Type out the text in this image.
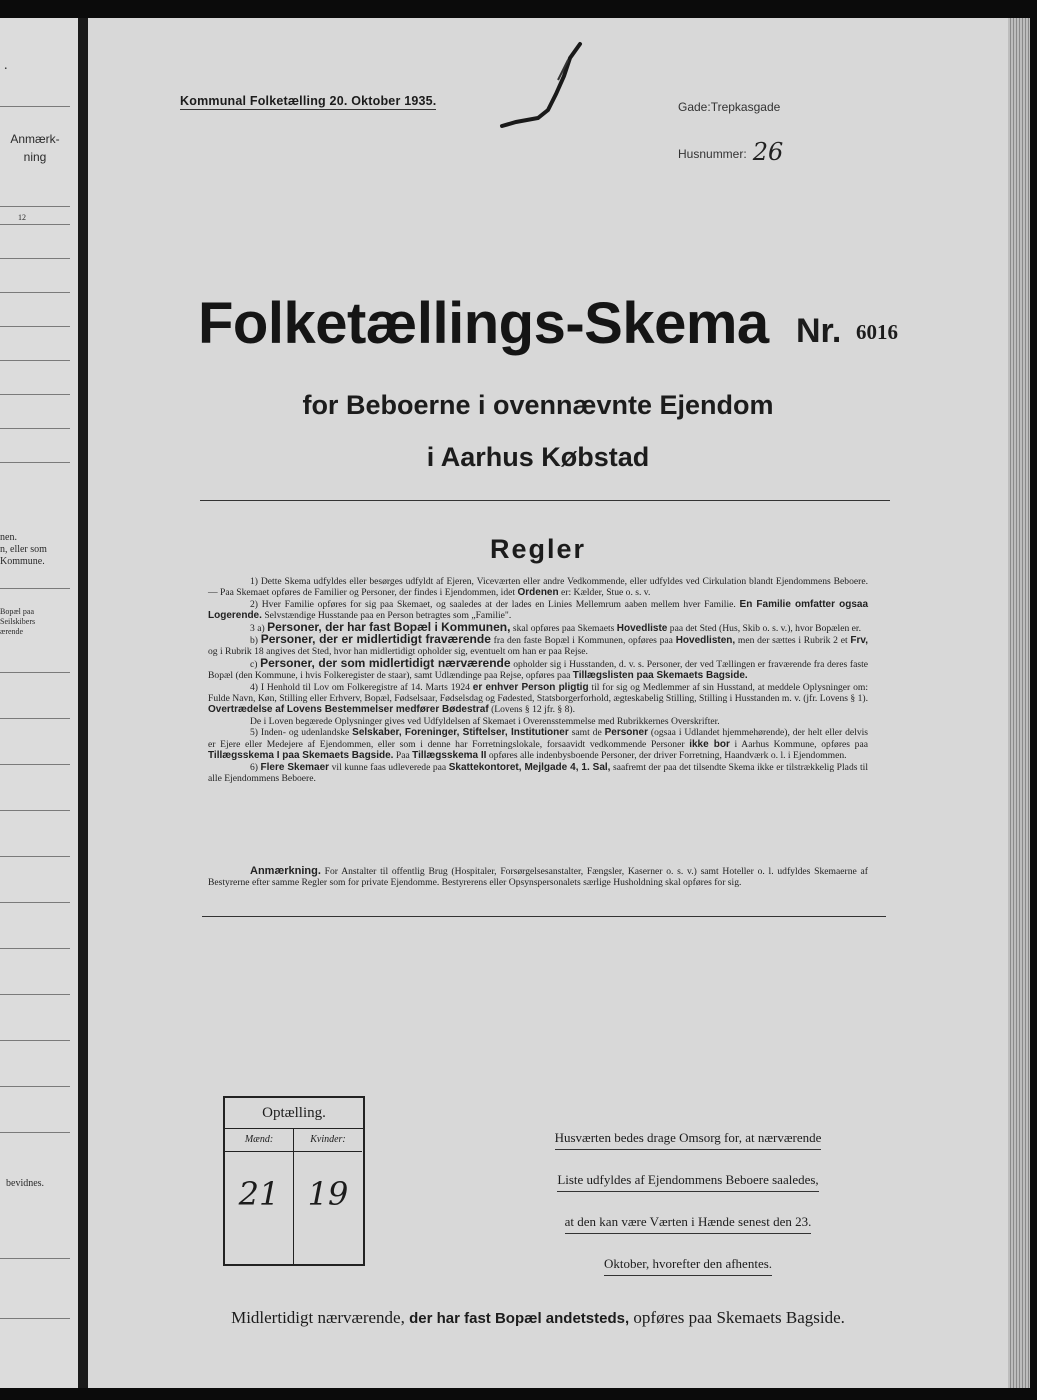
.
Anmærk-
ning
12
nen.
n, eller som
Kommune.
Bopæl paa
Seilskibers
ærende
bevidnes.
Kommunal Folketælling 20. Oktober 1935.	Gade:Trepkasgade
Husnummer: 26
Folketællings-Skema Nr. 6016
for Beboerne i ovennævnte Ejendom
i Aarhus Købstad
Regler

1) Dette Skema udfyldes eller besørges udfyldt af Ejeren, Viceværten eller andre Vedkommende, eller udfyldes ved Cirkulation blandt Ejendommens Beboere. — Paa Skemaet opføres de Familier og Personer, der findes i Ejendommen, idet Ordenen er: Kælder, Stue o. s. v.

2) Hver Familie opføres for sig paa Skemaet, og saaledes at der lades en Linies Mellemrum aaben mellem hver Familie. En Familie omfatter ogsaa Logerende. Selvstændige Husstande paa en Person betragtes som „Familie".

3 a) Personer, der har fast Bopæl i Kommunen, skal opføres paa Skemaets Hovedliste paa det Sted (Hus, Skib o. s. v.), hvor Bopælen er.

b) Personer, der er midlertidigt fraværende fra den faste Bopæl i Kommunen, opføres paa Hovedlisten, men der sættes i Rubrik 2 et Frv, og i Rubrik 18 angives det Sted, hvor han midlertidigt opholder sig, eventuelt om han er paa Rejse.

c) Personer, der som midlertidigt nærværende opholder sig i Husstanden, d. v. s. Personer, der ved Tællingen er fraværende fra deres faste Bopæl (den Kommune, i hvis Folkeregister de staar), samt Udlændinge paa Rejse, opføres paa Tillægslisten paa Skemaets Bagside.

4) I Henhold til Lov om Folkeregistre af 14. Marts 1924 er enhver Person pligtig til for sig og Medlemmer af sin Husstand, at meddele Oplysninger om: Fulde Navn, Køn, Stilling eller Erhverv, Bopæl, Fødselsaar, Fødselsdag og Fødested, Statsborgerforhold, ægteskabelig Stilling, Stilling i Husstanden m. v. (jfr. Lovens § 1). Overtrædelse af Lovens Bestemmelser medfører Bødestraf (Lovens § 12 jfr. § 8).

De i Loven begærede Oplysninger gives ved Udfyldelsen af Skemaet i Overensstemmelse med Rubrikkernes Overskrifter.

5) Inden- og udenlandske Selskaber, Foreninger, Stiftelser, Institutioner samt de Personer (ogsaa i Udlandet hjemmehørende), der helt eller delvis er Ejere eller Medejere af Ejendommen, eller som i denne har Forretningslokale, forsaavidt vedkommende Personer ikke bor i Aarhus Kommune, opføres paa Tillægsskema I paa Skemaets Bagside. Paa Tillægsskema II opføres alle indenbysboende Personer, der driver Forretning, Haandværk o. l. i Ejendommen.

6) Flere Skemaer vil kunne faas udleverede paa Skattekontoret, Mejlgade 4, 1. Sal, saafremt der paa det tilsendte Skema ikke er tilstrækkelig Plads til alle Ejendommens Beboere.

Anmærkning. For Anstalter til offentlig Brug (Hospitaler, Forsørgelsesanstalter, Fængsler, Kaserner o. s. v.) samt Hoteller o. l. udfyldes Skemaerne af Bestyrerne efter samme Regler som for private Ejendomme. Bestyrerens eller Opsynspersonalets særlige Husholdning skal opføres for sig.

Optælling.
Mænd:
21
Kvinder:
19
Husværten bedes drage Omsorg for, at nærværende
Liste udfyldes af Ejendommens Beboere saaledes,
at den kan være Værten i Hænde senest den 23.
Oktober, hvorefter den afhentes.
Midlertidigt nærværende, der har fast Bopæl andetsteds, opføres paa Skemaets Bagside.
